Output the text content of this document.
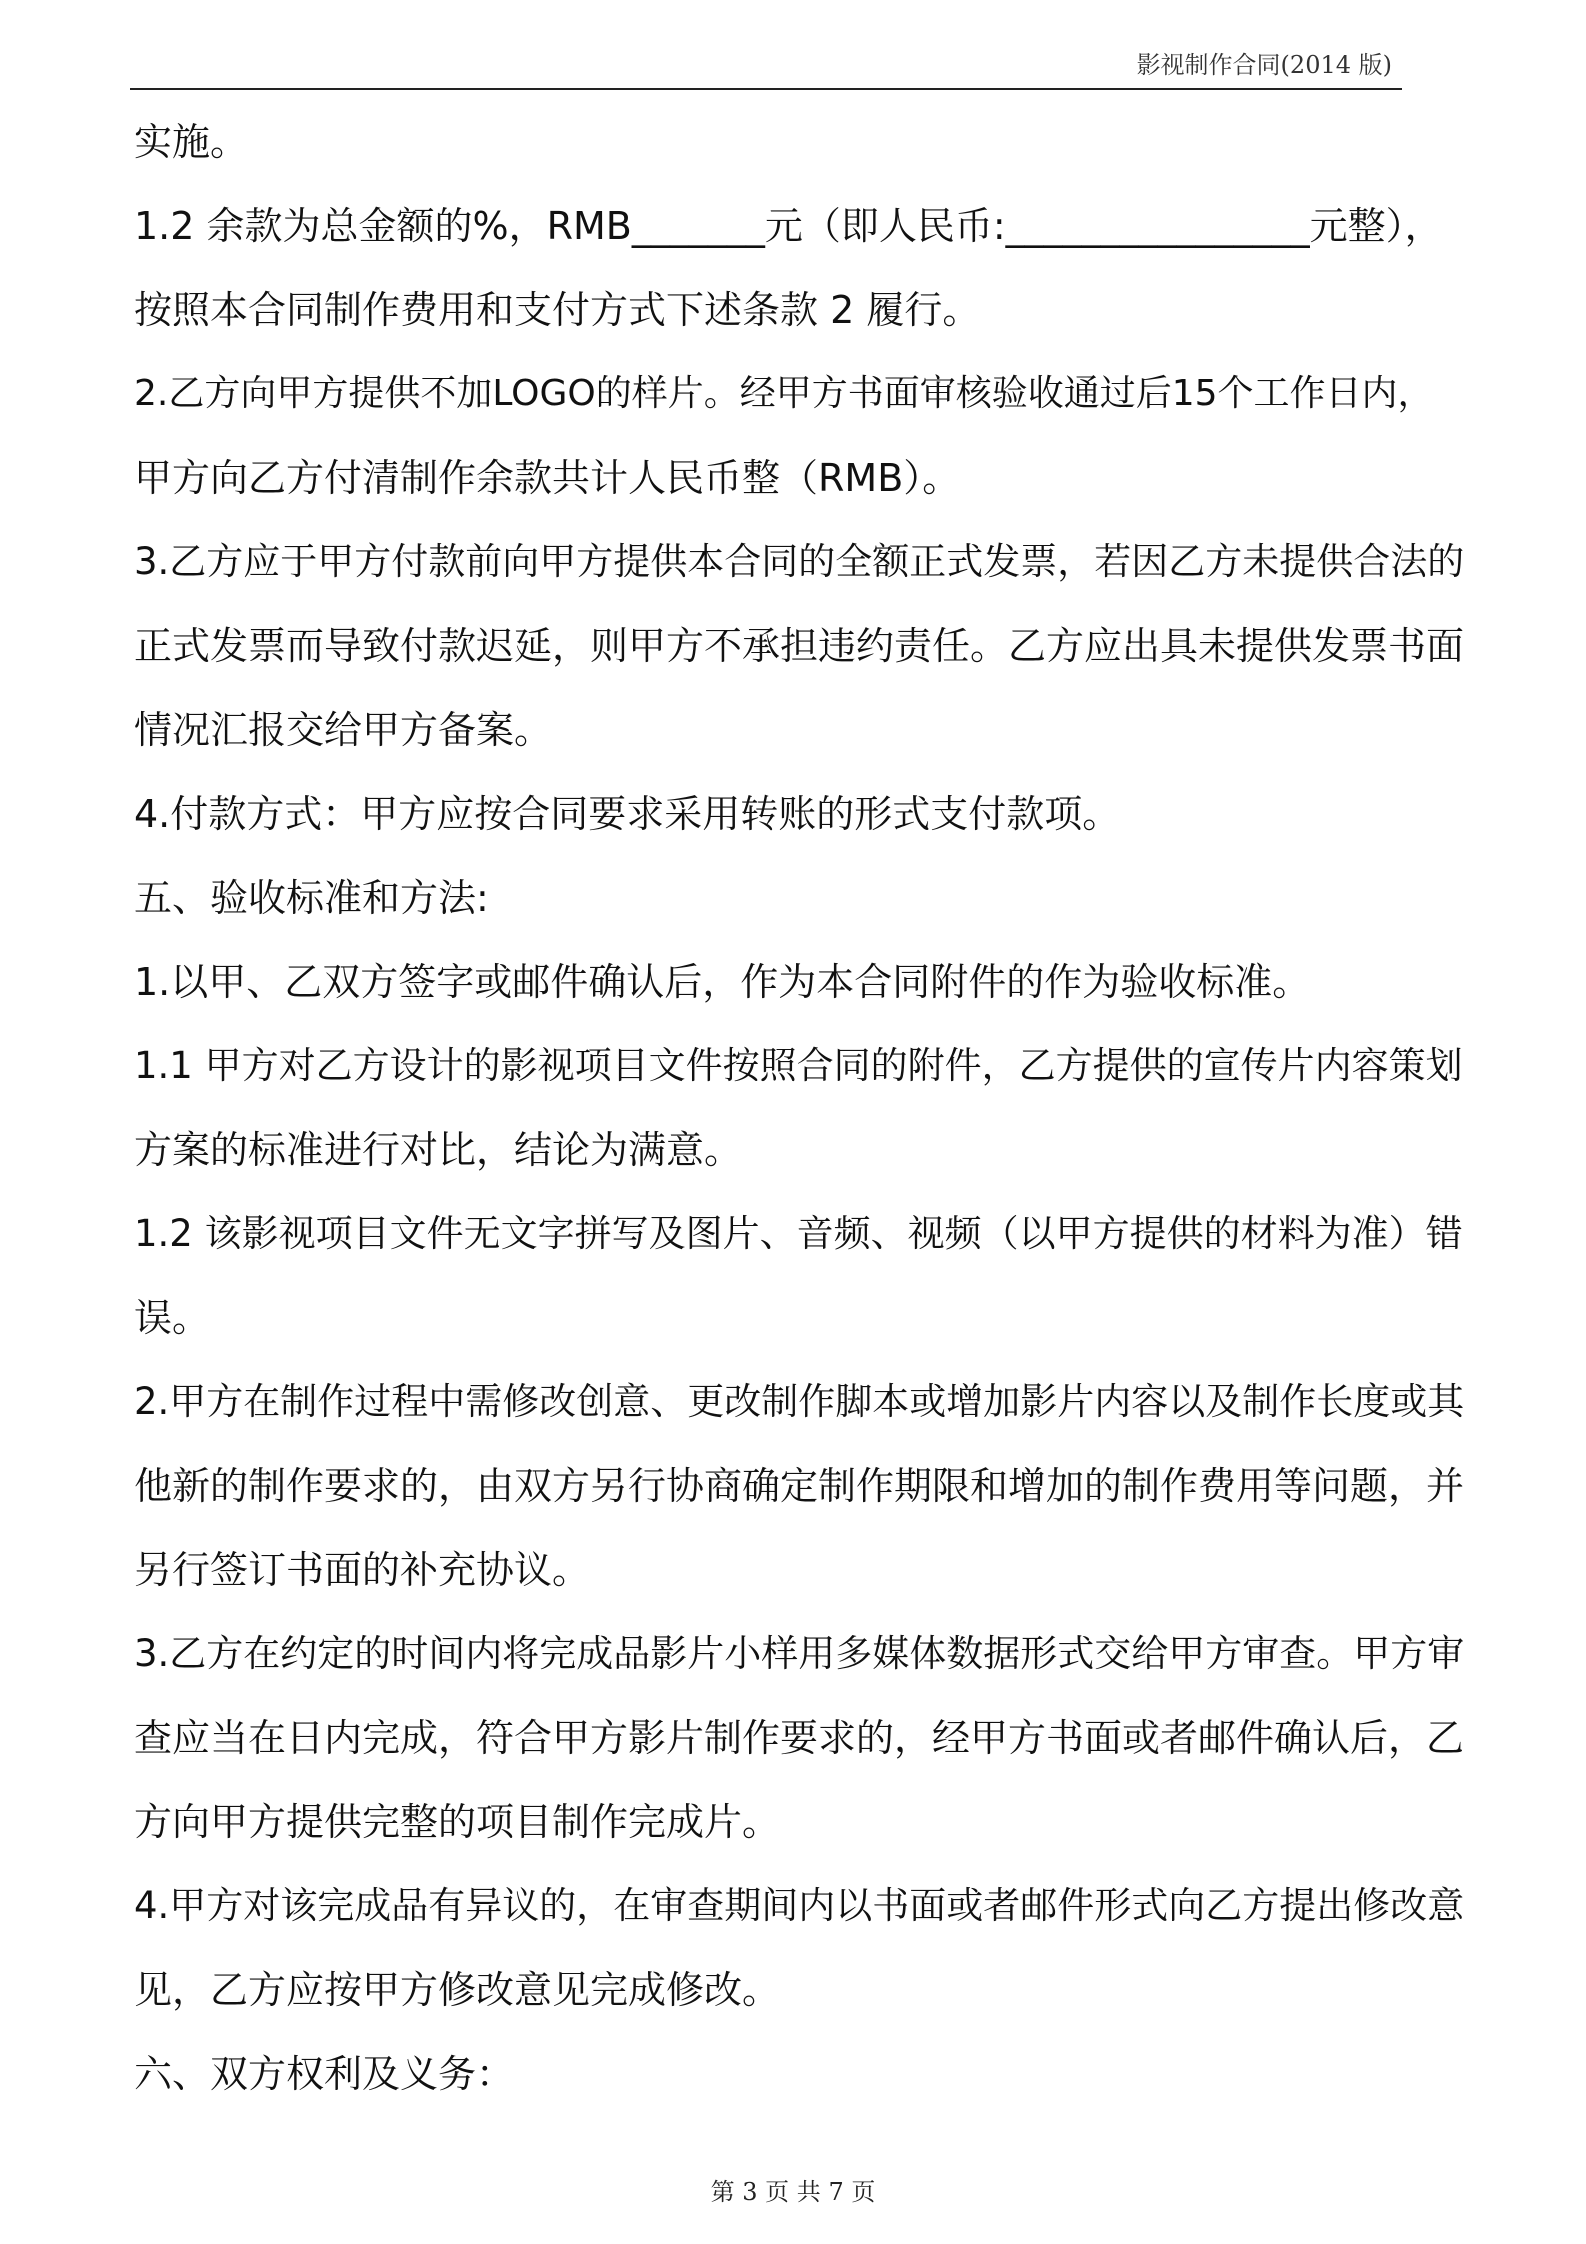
影视制作合同(2014 版)
实施。
1.2 余款为总金额的%，RMB_______元（即人民币:________________元整），
按照本合同制作费用和支付方式下述条款 2 履行。
2.乙方向甲方提供不加LOGO的样片。经甲方书面审核验收通过后15个工作日内，
甲方向乙方付清制作余款共计人民币整（RMB）。
3.乙方应于甲方付款前向甲方提供本合同的全额正式发票，若因乙方未提供合法的
正式发票而导致付款迟延，则甲方不承担违约责任。乙方应出具未提供发票书面
情况汇报交给甲方备案。
4.付款方式：甲方应按合同要求采用转账的形式支付款项。
五、验收标准和方法:
1.以甲、乙双方签字或邮件确认后，作为本合同附件的作为验收标准。
1.1 甲方对乙方设计的影视项目文件按照合同的附件，乙方提供的宣传片内容策划
方案的标准进行对比，结论为满意。
1.2 该影视项目文件无文字拼写及图片、音频、视频（以甲方提供的材料为准）错
误。
2.甲方在制作过程中需修改创意、更改制作脚本或增加影片内容以及制作长度或其
他新的制作要求的，由双方另行协商确定制作期限和增加的制作费用等问题，并
另行签订书面的补充协议。
3.乙方在约定的时间内将完成品影片小样用多媒体数据形式交给甲方审查。甲方审
查应当在日内完成，符合甲方影片制作要求的，经甲方书面或者邮件确认后，乙
方向甲方提供完整的项目制作完成片。
4.甲方对该完成品有异议的，在审查期间内以书面或者邮件形式向乙方提出修改意
见，乙方应按甲方修改意见完成修改。
六、双方权利及义务：
第 3 页 共 7 页
